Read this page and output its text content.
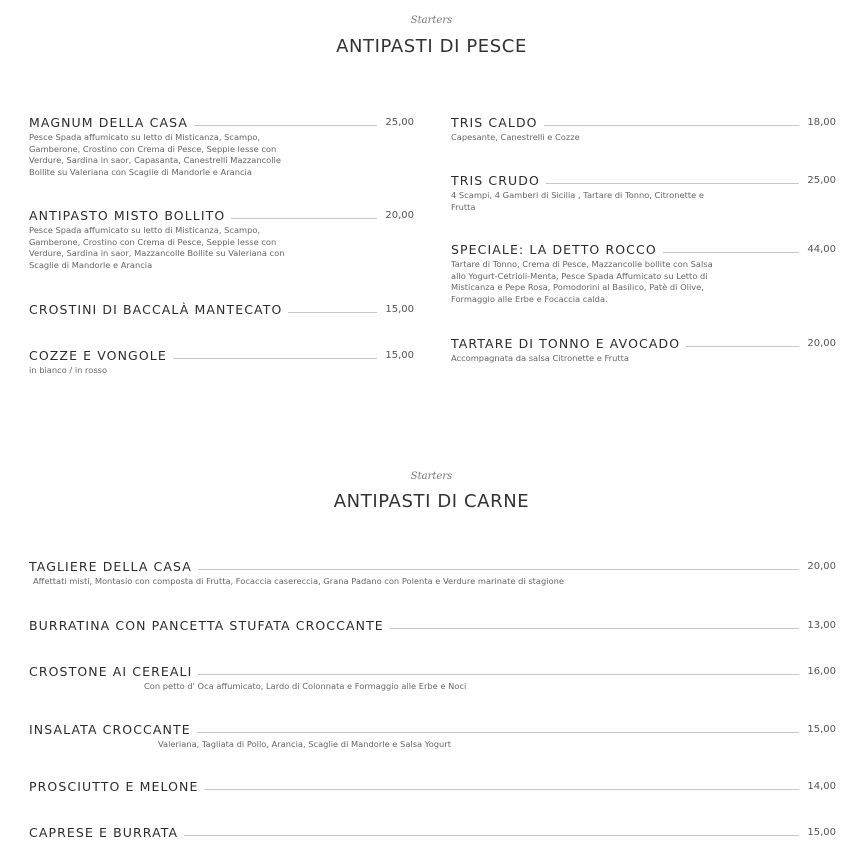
Starters
ANTIPASTI DI PESCE
MAGNUM DELLA CASA	25,00
Pesce Spada affumicato su letto di Misticanza, Scampo, Gamberone, Crostino con Crema di Pesce, Seppie lesse con Verdure, Sardina in saor, Capasanta, Canestrelli Mazzancolle Bollite su Valeriana con Scaglie di Mandorle e Arancia
ANTIPASTO MISTO BOLLITO	20,00
Pesce Spada affumicato su letto di Misticanza, Scampo, Gamberone, Crostino con Crema di Pesce, Seppie lesse con Verdure, Sardina in saor, Mazzancolle Bollite su Valeriana con Scaglie di Mandorle e Arancia
CROSTINI DI BACCALÀ MANTECATO	15,00
COZZE E VONGOLE	15,00
in bianco / in rosso
TRIS CALDO	18,00
Capesante, Canestrelli e Cozze
TRIS CRUDO	25,00
4 Scampi, 4 Gamberi di Sicilia , Tartare di Tonno, Citronette e Frutta
SPECIALE: LA DETTO ROCCO	44,00
Tartare di Tonno, Crema di Pesce, Mazzancolle bollite con Salsa allo Yogurt-Cetrioli-Menta, Pesce Spada Affumicato su Letto di Misticanza e Pepe Rosa, Pomodorini al Basilico, Patè di Olive, Formaggio alle Erbe e Focaccia calda.
TARTARE DI TONNO E AVOCADO	20,00
Accompagnata da salsa Citronette e Frutta
Starters
ANTIPASTI DI CARNE
TAGLIERE DELLA CASA	20,00
Affettati misti, Montasio con composta di Frutta, Focaccia casereccia, Grana Padano con Polenta e Verdure marinate di stagione
BURRATINA CON PANCETTA STUFATA CROCCANTE	13,00
CROSTONE AI CEREALI	16,00
Con petto d' Oca affumicato, Lardo di Colonnata e Formaggio alle Erbe e Noci
INSALATA CROCCANTE	15,00
Valeriana, Tagliata di Pollo, Arancia, Scaglie di Mandorle e Salsa Yogurt
PROSCIUTTO E MELONE	14,00
CAPRESE E BURRATA	15,00
